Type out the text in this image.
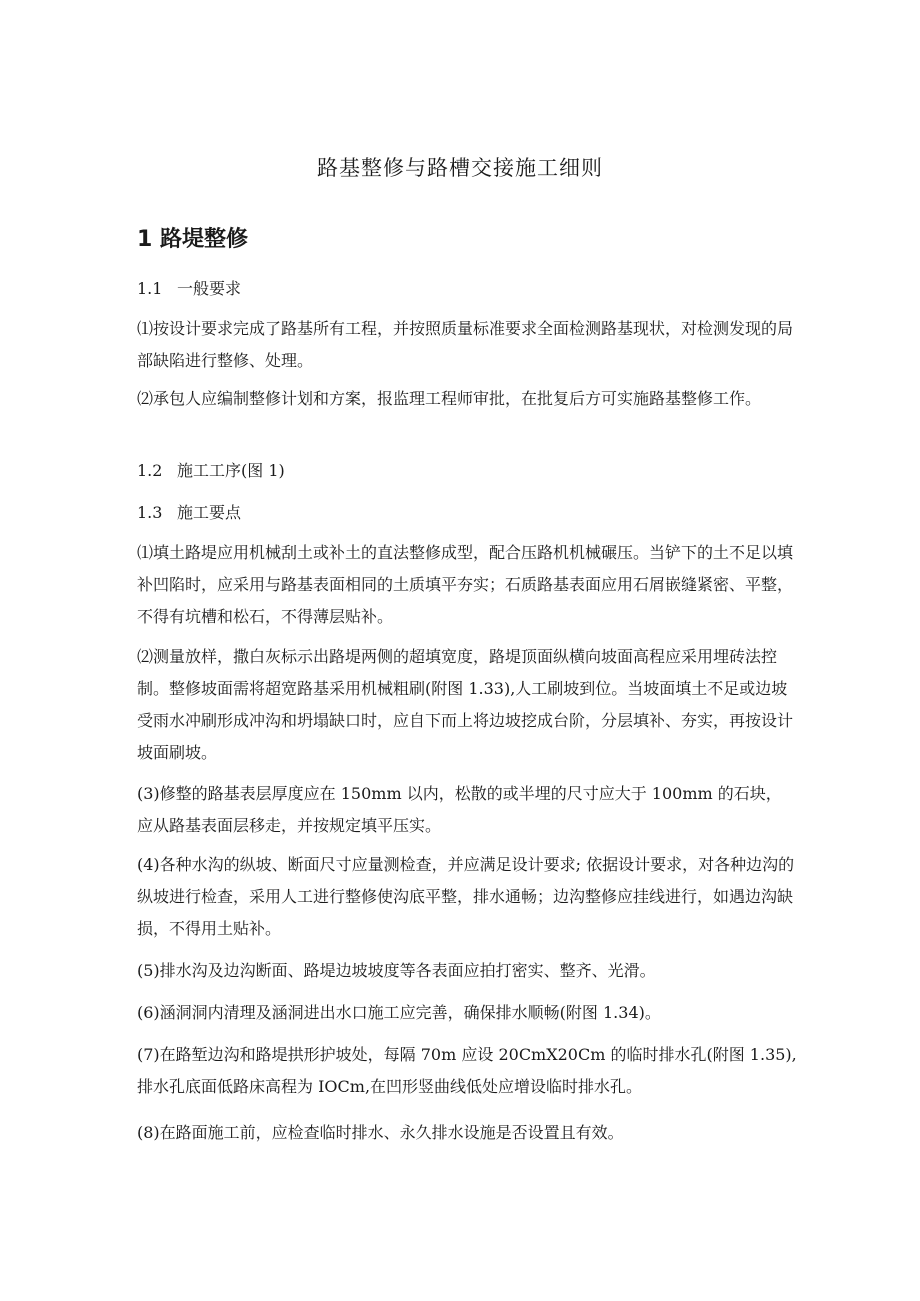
路基整修与路槽交接施工细则
1 路堤整修
1.1 一般要求

⑴按设计要求完成了路基所有工程，并按照质量标准要求全面检测路基现状，对检测发现的局部缺陷进行整修、处理。

⑵承包人应编制整修计划和方案，报监理工程师审批，在批复后方可实施路基整修工作。

1.2 施工工序(图 1)
1.3 施工要点

⑴填土路堤应用机械刮土或补土的直法整修成型，配合压路机机械碾压。当铲下的土不足以填补凹陷时，应采用与路基表面相同的土质填平夯实；石质路基表面应用石屑嵌缝紧密、平整，不得有坑槽和松石，不得薄层贴补。

⑵测量放样，撒白灰标示出路堤两侧的超填宽度，路堤顶面纵横向坡面高程应采用埋砖法控制。整修坡面需将超宽路基采用机械粗刷(附图 1.33),人工刷坡到位。当坡面填土不足或边坡受雨水冲刷形成冲沟和坍塌缺口时，应自下而上将边坡挖成台阶，分层填补、夯实，再按设计坡面刷坡。

(3)修整的路基表层厚度应在 150mm 以内，松散的或半埋的尺寸应大于 100mm 的石块，应从路基表面层移走，并按规定填平压实。

(4)各种水沟的纵坡、断面尺寸应量测检查，并应满足设计要求; 依据设计要求，对各种边沟的纵坡进行检查，采用人工进行整修使沟底平整，排水通畅；边沟整修应挂线进行，如遇边沟缺损，不得用土贴补。

(5)排水沟及边沟断面、路堤边坡坡度等各表面应拍打密实、整齐、光滑。

(6)涵洞洞内清理及涵洞进出水口施工应完善，确保排水顺畅(附图 1.34)。

(7)在路堑边沟和路堤拱形护坡处，每隔 70m 应设 20CmX20Cm 的临时排水孔(附图 1.35),排水孔底面低路床高程为 IOCm,在凹形竖曲线低处应增设临时排水孔。

(8)在路面施工前，应检查临时排水、永久排水设施是否设置且有效。
